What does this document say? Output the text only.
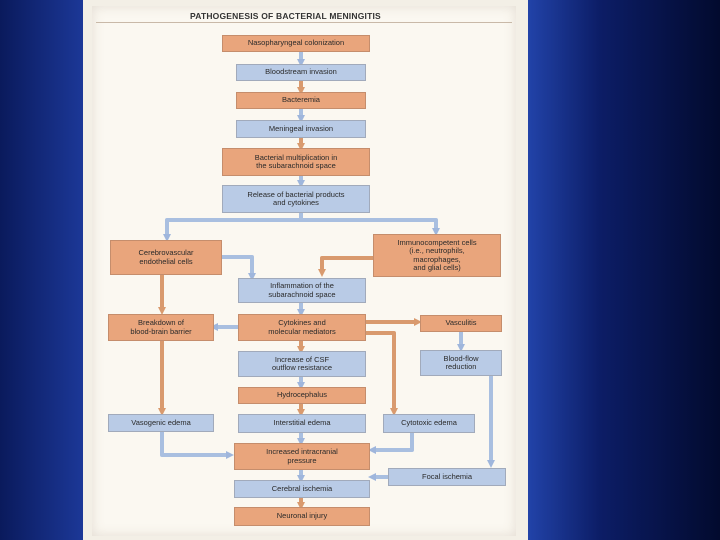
PATHOGENESIS OF BACTERIAL MENINGITIS
Nasopharyngeal colonization
Bloodstream invasion
Bacteremia
Meningeal invasion
Bacterial multiplication in
the subarachnoid space
Release of bacterial products
and cytokines
Cerebrovascular
endothelial cells
Immunocompetent cells
(i.e., neutrophils,
macrophages,
and glial cells)
Inflammation of the
subarachnoid space
Breakdown of
blood-brain barrier
Cytokines and
molecular mediators
Vasculitis
Increase of CSF
outflow resistance
Blood-flow
reduction
Hydrocephalus
Vasogenic edema	Interstitial edema	Cytotoxic edema
Increased intracranial
pressure
Focal ischemia
Cerebral ischemia
Neuronal injury
